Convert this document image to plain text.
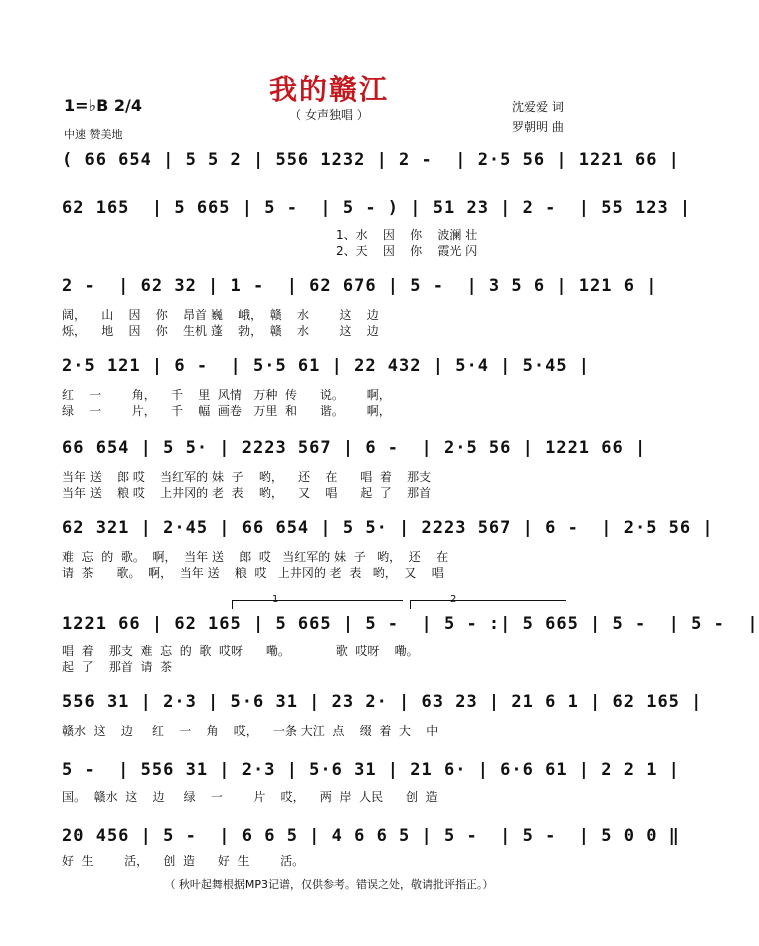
我的赣江
（ 女声独唱 ）
1=♭B 2/4
中速 赞美地
沈爱爱 词
罗朝明 曲
( 66 654 | 5 5 2 | 556 1232 | 2 -  | 2·5 56 | 1221 66 |
62 165  | 5 665 | 5 -  | 5 - ) | 51 23 | 2 -  | 55 123 |
1、水    因    你    波澜 壮
2、天    因    你    霞光 闪
2 -  | 62 32 | 1 -  | 62 676 | 5 -  | 3 5 6 | 121 6 |
阔，    山    因    你    昂首 巍    峨，  赣    水        这    边
烁，    地    因    你    生机 蓬    勃，  赣    水        这    边
2·5 121 | 6 -  | 5·5 61 | 22 432 | 5·4 | 5·45 |
红    一        角，    千    里  风情   万种  传      说。      啊，
绿    一        片，    千    幅  画卷   万里  和      谐。      啊，
66 654 | 5 5· | 2223 567 | 6 -  | 2·5 56 | 1221 66 |
当年 送    郎 哎    当红军的 妹  子    哟，    还    在      唱  着    那支
当年 送    粮 哎    上井冈的 老  表    哟，    又    唱      起  了    那首
62 321 | 2·45 | 66 654 | 5 5· | 2223 567 | 6 -  | 2·5 56 |
难  忘  的  歌。  啊，  当年 送    郎  哎   当红军的 妹  子   哟，  还    在
请  茶      歌。  啊，  当年 送    粮  哎   上井冈的 老  表   哟，  又    唱
1	2
1221 66 | 62 165 | 5 665 | 5 -  | 5 - :| 5 665 | 5 -  | 5 -  |
唱  着    那支  难  忘  的  歌  哎呀      嘞。            歌  哎呀    嘞。
起  了    那首  请  茶
556 31 | 2·3 | 5·6 31 | 23 2· | 63 23 | 21 6 1 | 62 165 |
赣水  这    边     红    一    角    哎，    一条 大江  点    缀  着  大    中
5 -  | 556 31 | 2·3 | 5·6 31 | 21 6· | 6·6 61 | 2 2 1 |
国。  赣水  这    边     绿    一        片    哎，    两  岸  人民      创  造
20 456 | 5 -  | 6 6 5 | 4 6 6 5 | 5 -  | 5 -  | 5 0 0 ‖
好  生        活，    创  造      好  生        活。
（ 秋叶起舞根据MP3记谱，仅供参考。错误之处，敬请批评指正。）
